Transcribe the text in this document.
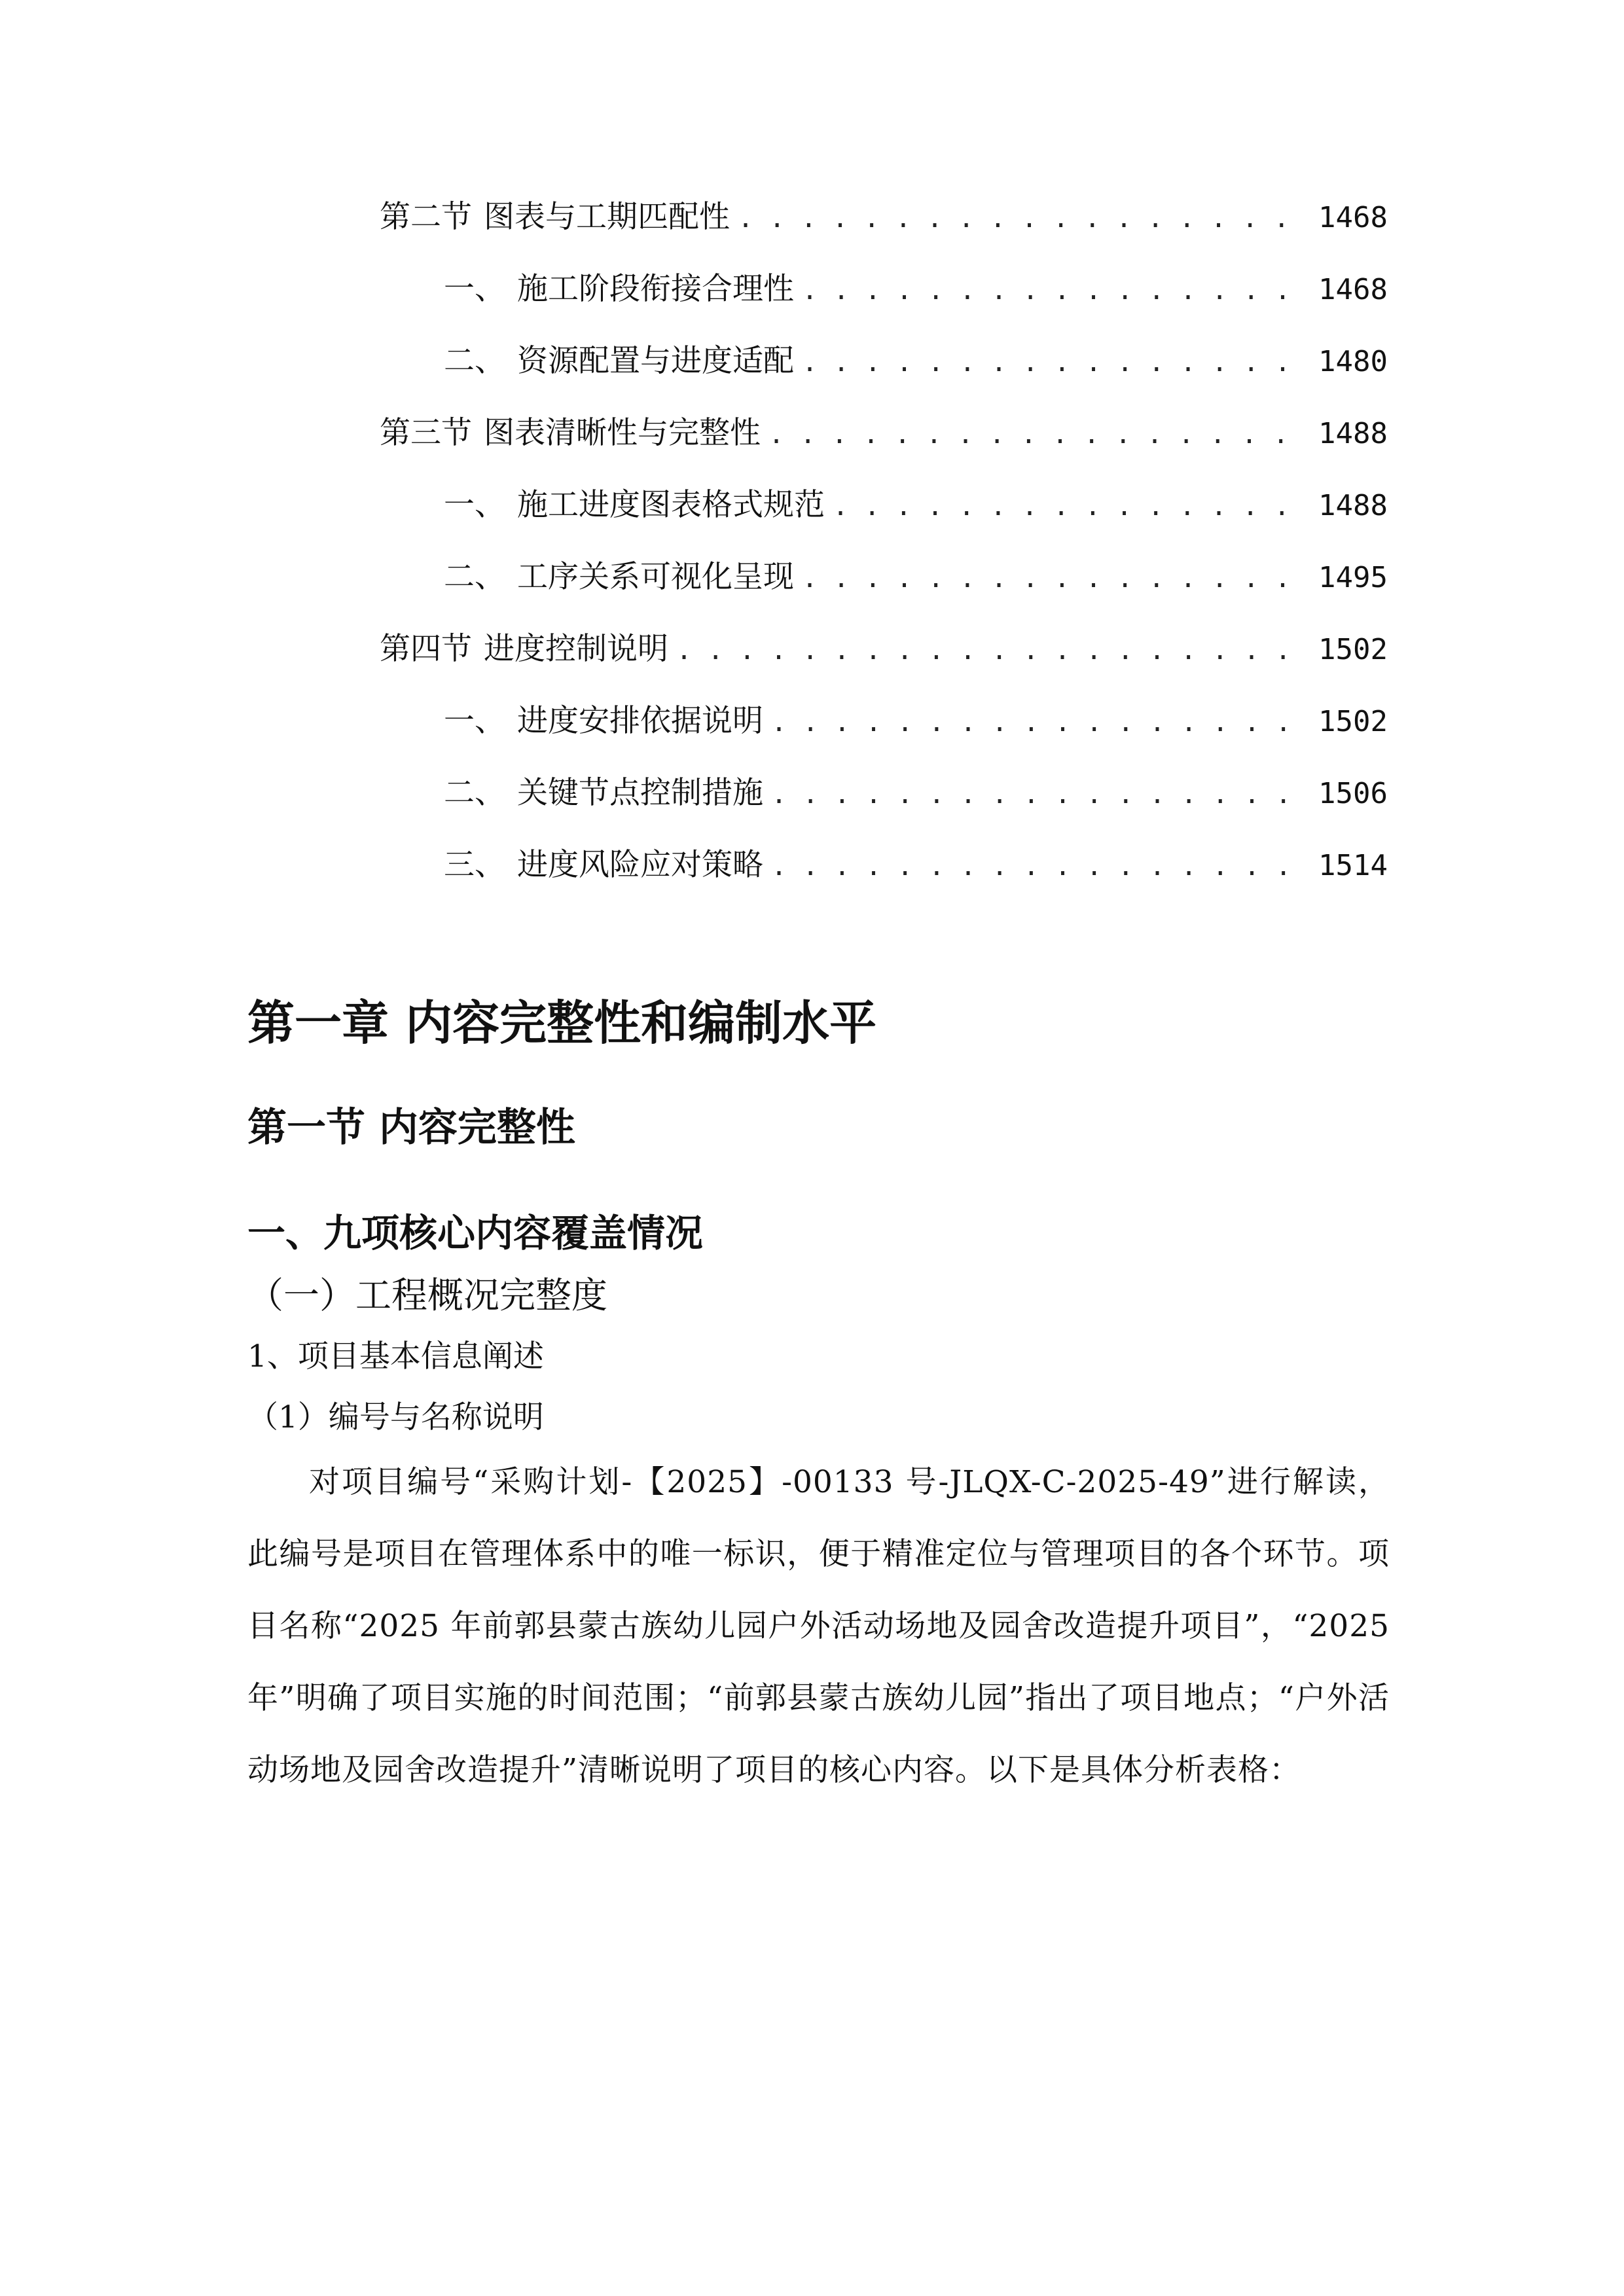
第二节 图表与工期匹配性 . . .	1468
一、 施工阶段衔接合理性 . . .	1468
二、 资源配置与进度适配 . . .	1480
第三节 图表清晰性与完整性 . . .	1488
一、 施工进度图表格式规范 . . .	1488
二、 工序关系可视化呈现 . . .	1495
第四节 进度控制说明 . . .	1502
一、 进度安排依据说明 . . .	1502
二、 关键节点控制措施 . . .	1506
三、 进度风险应对策略 . . .	1514
第一章 内容完整性和编制水平
第一节 内容完整性
一、九项核心内容覆盖情况
（一）工程概况完整度

1、项目基本信息阐述

（1）编号与名称说明

对项目编号“采购计划-【2025】-00133 号-JLQX-C-2025-49”进行解读，此编号是项目在管理体系中的唯一标识，便于精准定位与管理项目的各个环节。项目名称“2025 年前郭县蒙古族幼儿园户外活动场地及园舍改造提升项目”，“2025 年”明确了项目实施的时间范围；“前郭县蒙古族幼儿园”指出了项目地点；“户外活动场地及园舍改造提升”清晰说明了项目的核心内容。以下是具体分析表格：
